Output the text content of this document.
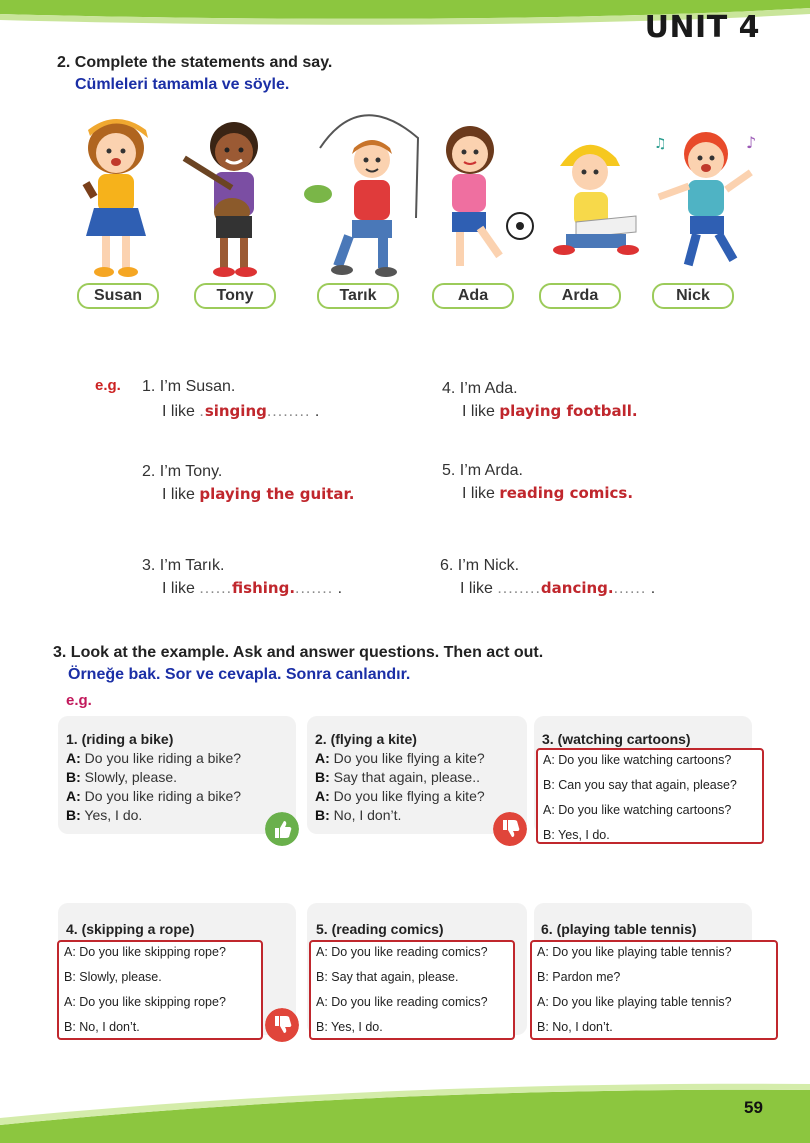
UNIT 4
2. Complete the statements and say.
Cümleleri tamamla ve söyle.
♪
♫
Susan	Tony	Tarık	Ada	Arda	Nick
e.g. 1. I’m Susan.
I like .singing........ .
2. I’m Tony.
I like playing the guitar.
3. I’m Tarık.
I like ......fishing........ .
4. I’m Ada.
I like playing football.
5. I’m Arda.
I like reading comics.
6. I’m Nick.
I like ........dancing....... .
3. Look at the example. Ask and answer questions. Then act out.
Örneğe bak. Sor ve cevapla. Sonra canlandır.
e.g.
1. (riding a bike)
A: Do you like riding a bike?
B: Slowly, please.
A: Do you like riding a bike?
B: Yes, I do.
2. (flying a kite)
A: Do you like flying a kite?
B: Say that again, please..
A: Do you like flying a kite?
B: No, I don’t.
3. (watching cartoons)
A: Do you like watching cartoons?
B: Can you say that again, please?
A: Do you like watching cartoons?
B: Yes, I do.
4. (skipping a rope)
A: Do you like skipping rope?
B: Slowly, please.
A: Do you like skipping rope?
B: No, I don’t.
5. (reading comics)
A: Do you like reading comics?
B: Say that again, please.
A: Do you like reading comics?
B: Yes, I do.
6. (playing table tennis)
A: Do you like playing table tennis?
B: Pardon me?
A: Do you like playing table tennis?
B: No, I don’t.
59
